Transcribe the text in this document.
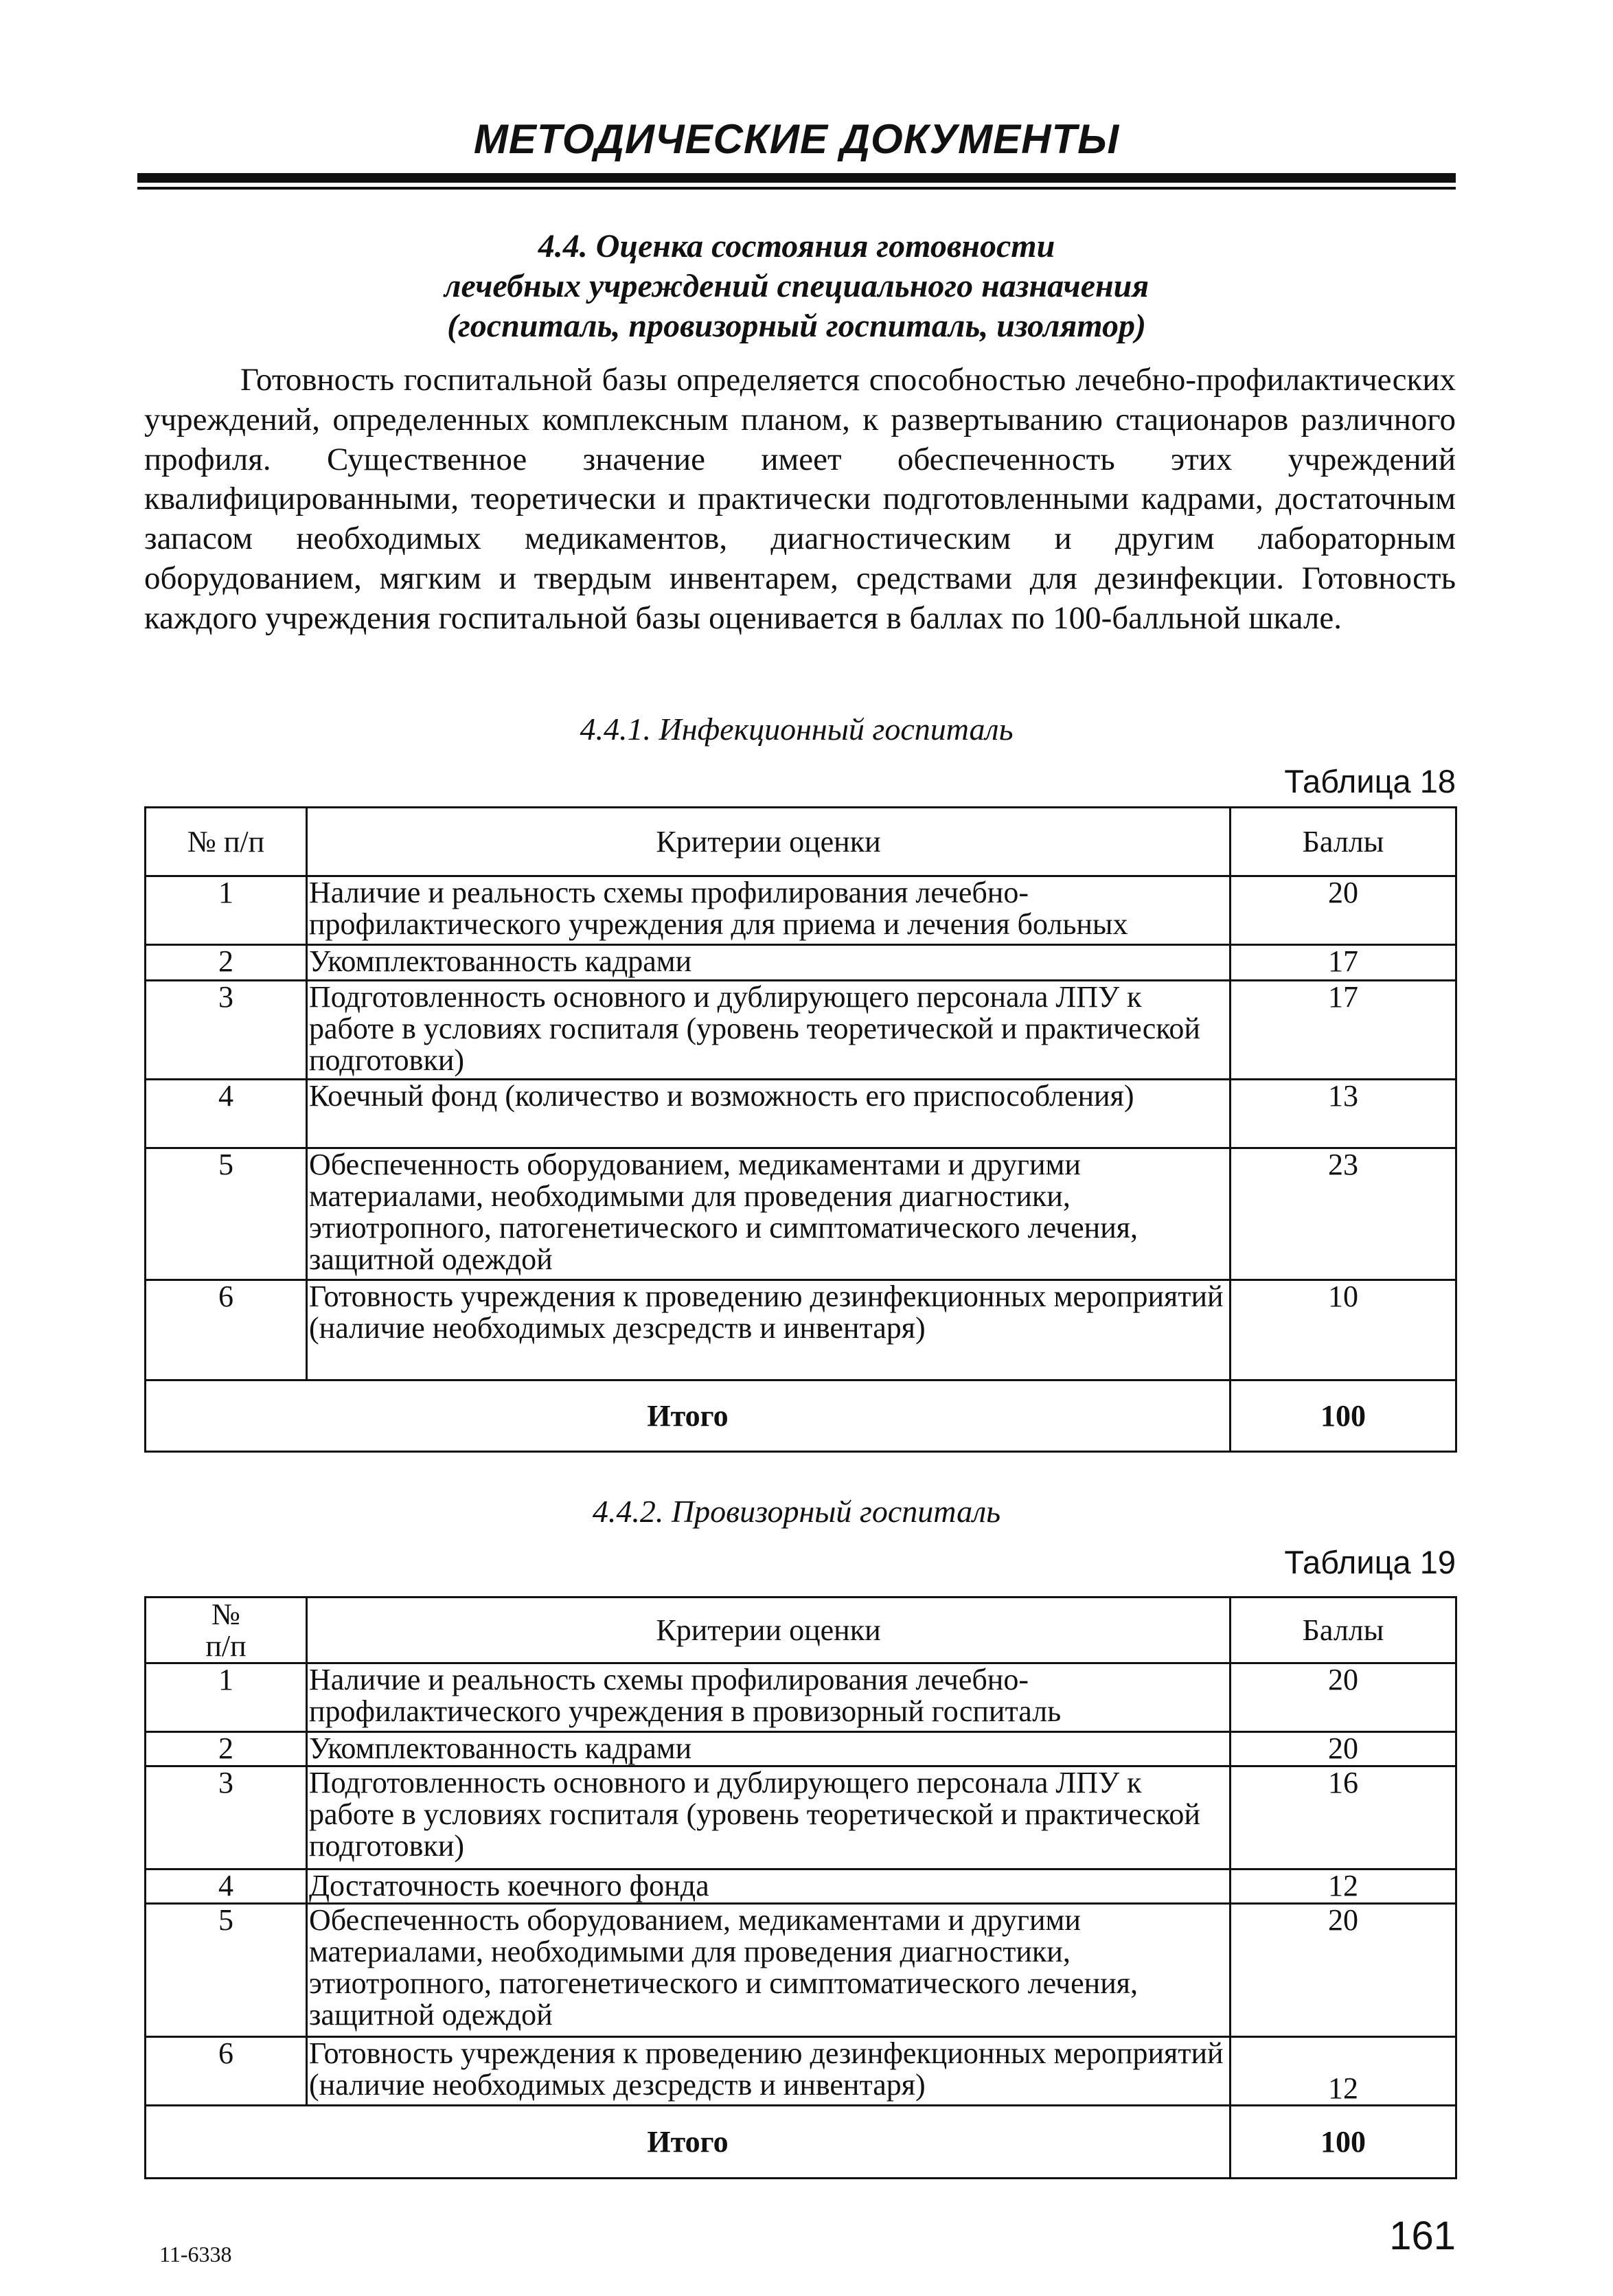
МЕТОДИЧЕСКИЕ ДОКУМЕНТЫ
4.4. Оценка состояния готовности
лечебных учреждений специального назначения
(госпиталь, провизорный госпиталь, изолятор)
Готовность госпитальной базы определяется способностью лечебно-профилактических учреждений, определенных комплексным планом, к развертыванию стационаров различного профиля. Существенное значение имеет обеспеченность этих учреждений квалифицированными, теоретически и практически подготовленными кадрами, достаточным запасом необходимых медикаментов, диагностическим и другим лабораторным оборудованием, мягким и твердым инвентарем, средствами для дезинфекции. Готовность каждого учреждения госпитальной базы оценивается в баллах по 100-балльной шкале.
4.4.1. Инфекционный госпиталь
Таблица 18
№ п/п	Критерии оценки	Баллы
1	Наличие и реальность схемы профилирования лечебно-профилактического учреждения для приема и лечения больных	20
2	Укомплектованность кадрами	17
3	Подготовленность основного и дублирующего персонала ЛПУ к работе в условиях госпиталя (уровень теоретической и практической подготовки)	17
4	Коечный фонд (количество и возможность его приспособления)	13
5	Обеспеченность оборудованием, медикаментами и другими материалами, необходимыми для проведения диагностики, этиотропного, патогенетического и симптоматического лечения, защитной одеждой	23
6	Готовность учреждения к проведению дезинфекционных мероприятий (наличие необходимых дезсредств и инвентаря)	10
Итого		100
4.4.2. Провизорный госпиталь
Таблица 19
№
п/п	Критерии оценки	Баллы
1	Наличие и реальность схемы профилирования лечебно-профилактического учреждения в провизорный госпиталь	20
2	Укомплектованность кадрами	20
3	Подготовленность основного и дублирующего персонала ЛПУ к работе в условиях госпиталя (уровень теоретической и практической подготовки)	16
4	Достаточность коечного фонда	12
5	Обеспеченность оборудованием, медикаментами и другими материалами, необходимыми для проведения диагностики, этиотропного, патогенетического и симптоматического лечения, защитной одеждой	20
6	Готовность учреждения к проведению дезинфекционных мероприятий (наличие необходимых дезсредств и инвентаря)	12
Итого		100
11-6338	161
